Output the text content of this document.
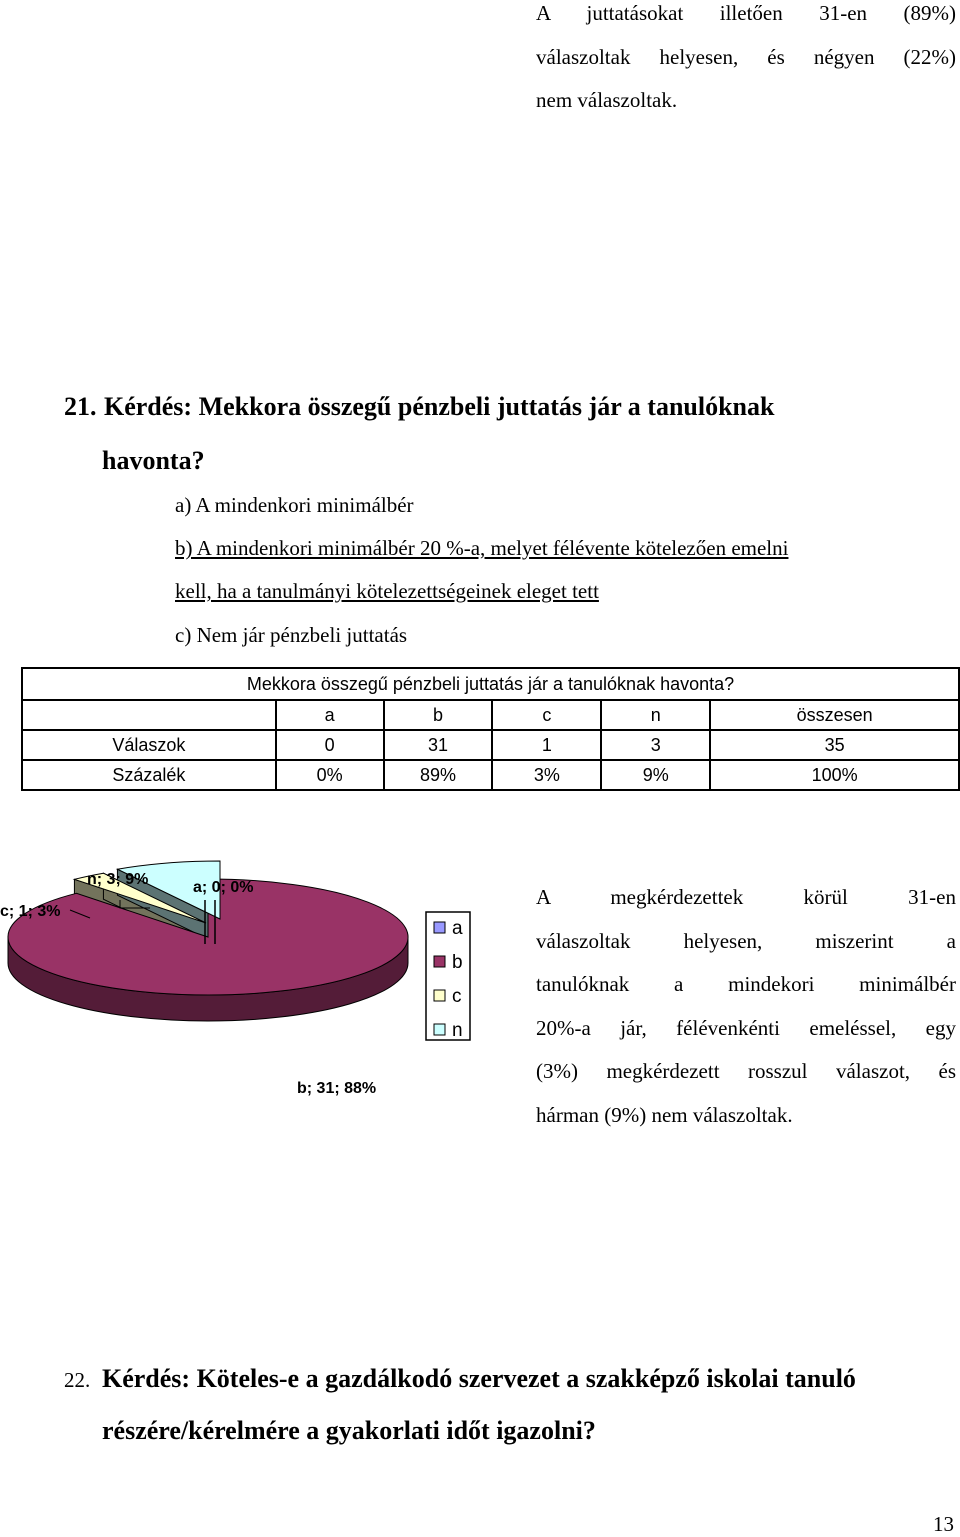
A juttatásokat illetően 31-en (89%)
válaszoltak helyesen, és négyen (22%)
nem válaszoltak.
21. Kérdés: Mekkora összegű pénzbeli juttatás jár a tanulóknak
havonta?
a) A mindenkori minimálbér
b) A mindenkori minimálbér 20 %-a, melyet félévente kötelezően emelni
kell, ha a tanulmányi kötelezettségeinek eleget tett
c) Nem jár pénzbeli juttatás
Mekkora összegű pénzbeli juttatás jár a tanulóknak havonta?					
	a	b	c	n	összesen
Válaszok	0	31	1	3	35
Százalék	0%	89%	3%	9%	100%
n; 3; 9%	a; 0; 0%
c; 1; 3%
b; 31; 88%
a
b
c
n
A megkérdezettek körül 31-en
válaszoltak helyesen, miszerint a
tanulóknak a mindekori minimálbér
20%-a jár, félévenkénti emeléssel, egy
(3%) megkérdezett rosszul válaszot, és
hárman (9%) nem válaszoltak.
22. Kérdés: Köteles-e a gazdálkodó szervezet a szakképző iskolai tanuló
részére/kérelmére a gyakorlati időt igazolni?
13
